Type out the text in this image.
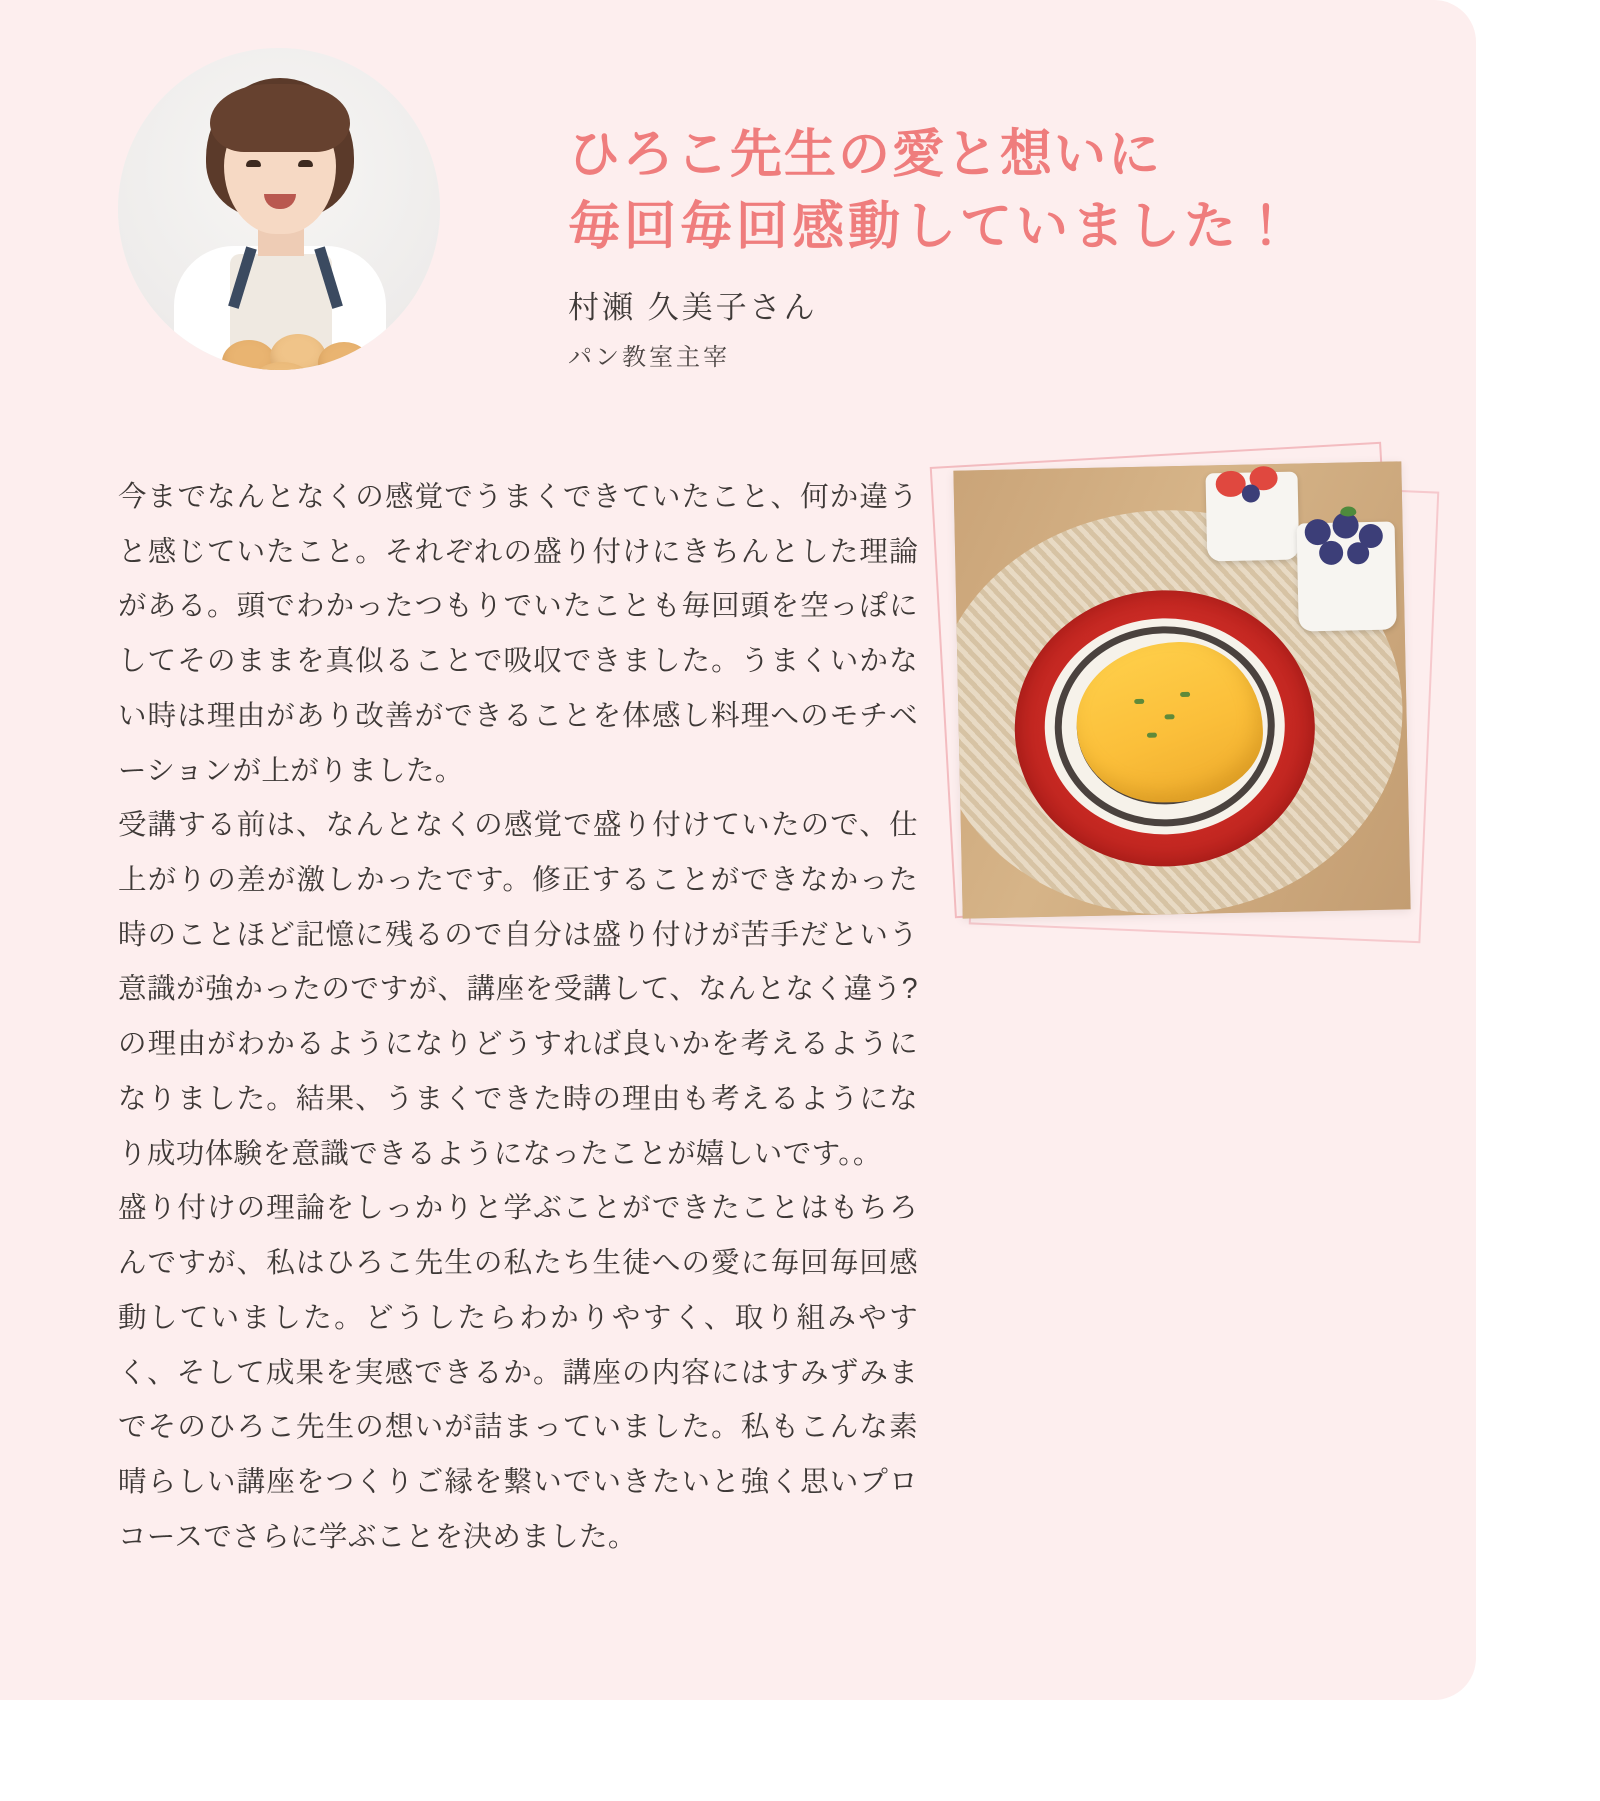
ひろこ先生の愛と想いに
毎回毎回感動していました！
村瀬 久美子さん
パン教室主宰

今までなんとなくの感覚でうまくできていたこと、何か違うと感じていたこと。それぞれの盛り付けにきちんとした理論がある。頭でわかったつもりでいたことも毎回頭を空っぽにしてそのままを真似ることで吸収できました。うまくいかない時は理由があり改善ができることを体感し料理へのモチベーションが上がりました。

受講する前は、なんとなくの感覚で盛り付けていたので、仕上がりの差が激しかったです。修正することができなかった時のことほど記憶に残るので自分は盛り付けが苦手だという意識が強かったのですが、講座を受講して、なんとなく違う?の理由がわかるようになりどうすれば良いかを考えるようになりました。結果、うまくできた時の理由も考えるようになり成功体験を意識できるようになったことが嬉しいです。。

盛り付けの理論をしっかりと学ぶことができたことはもちろんですが、私はひろこ先生の私たち生徒への愛に毎回毎回感動していました。どうしたらわかりやすく、取り組みやすく、そして成果を実感できるか。講座の内容にはすみずみまでそのひろこ先生の想いが詰まっていました。私もこんな素晴らしい講座をつくりご縁を繋いでいきたいと強く思いプロコースでさらに学ぶことを決めました。
